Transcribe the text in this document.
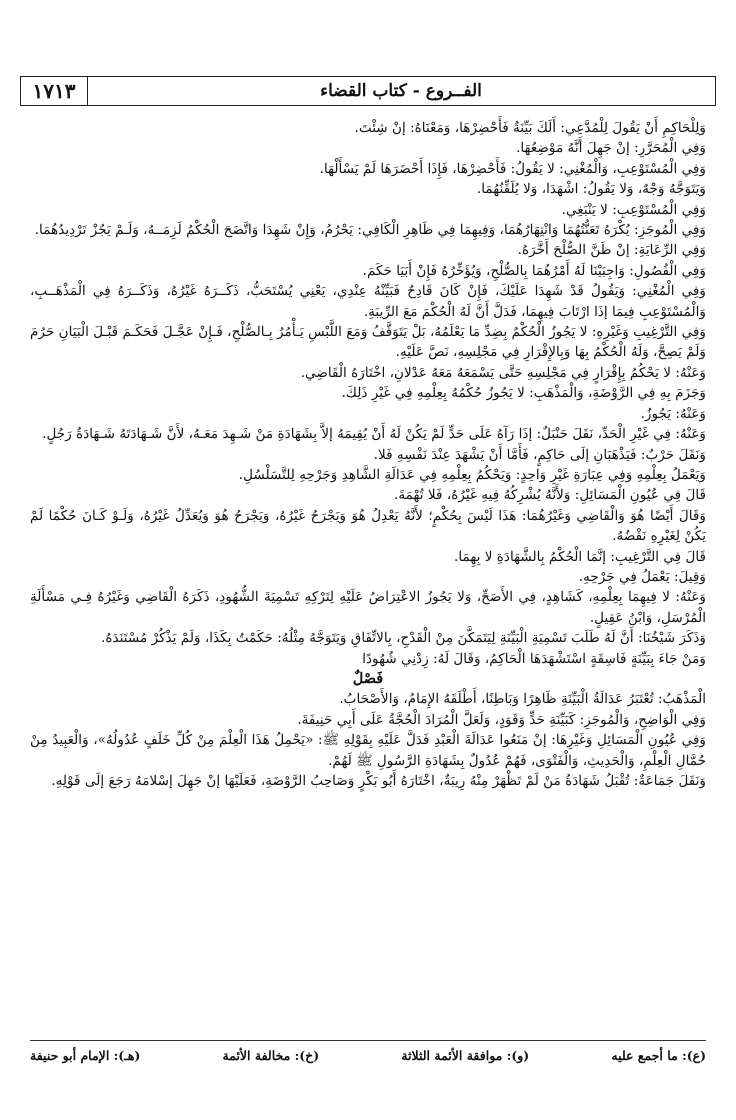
١٧١٣	الفــروع - كتاب القضاء

وَلِلْحَاكِمِ أَنْ يَقُولَ لِلْمُدَّعِي: أَلَكَ بَيِّنَةٌ فَأَحْضِرْهَا، وَمَعْنَاهُ: إنْ شِئْتَ.

وَفِي الْمُحَرَّرِ: إنْ جَهِلَ أَنَّهُ مَوْضِعُهَا.

وَفِي الْمُسْتَوْعِبِ، وَالْمُغْنِي: لا يَقُولُ: فَأَحْضِرْهَا، فَإِذَا أَحْضَرَهَا لَمْ يَسْأَلْهَا.

وَيَتَوَجَّهُ وَجْهٌ، وَلا يَقُولُ: اشْهَدَا، وَلا يُلَقِّنُهُمَا.

وَفِي الْمُسْتَوْعِبِ: لا يَنْبَغِي.

وَفِي الْمُوجَزِ: يُكْرَهُ تَعَنُّتُهُمَا وَانْتِهَارُهُمَا، وَفِيهِمَا فِي ظَاهِرِ الْكَافِي: يَحْرُمُ، وَإِنْ شَهِدَا وَاتَّضَحَ الْحُكْمُ لَزِمَــهُ، وَلَـمْ يَجُزْ تَرْدِيدُهُمَا.

وَفِي الرِّعَايَةِ: إنْ ظَنَّ الصُّلْحَ أَخَّرَهُ.

وَفِي الْفُصُولِ: وَاجِبَيْنَا لَهُ أَمْرُهُمَا بِالصُّلْحِ، وَيُؤَخِّرُهُ فَإِنْ أَبَيَا حَكَمَ.

وَفِي الْمُغْنِي: وَيَقُولُ قَدْ شَهِدَا عَلَيْكَ، فَإِنْ كَانَ قَادِحٌ فَبَيِّنْهُ عِنْدِي، يَعْنِي يُسْتَحَبُّ، ذَكَــرَهُ غَيْرُهُ، وَذَكَــرَهُ فِي الْمَذْهَــبِ، وَالْمُسْتَوْعِبِ فِيمَا إذَا ارْتَابَ فِيهِمَا، فَدَلَّ أَنَّ لَهُ الْحُكْمَ مَعَ الرِّيبَةِ.

وَفِي التَّرْغِيبِ وَغَيْرِهِ: لا يَجُوزُ الْحُكْمُ بِضِدِّ مَا يَعْلَمُهُ، بَلْ يَتَوَقَّفُ وَمَعَ اللَّبْسِ يَـأْمُرُ بِـالصُّلْحِ، فَـإِنْ عَجَّـلَ فَحَكَـمَ قَبْـلَ الْبَيَانِ حَرُمَ وَلَمْ يَصِحَّ، وَلَهُ الْحُكْمُ بِهَا وَبِالإِقْرَارِ فِي مَجْلِسِهِ، نَصَّ عَلَيْهِ.

وَعَنْهُ: لا يَحْكُمُ بِإِقْرَارٍ فِي مَجْلِسِهِ حَتَّى يَسْمَعَهُ مَعَهُ عَدْلانِ، اخْتَارَهُ الْقَاضِي.

وَجَزَمَ بِهِ فِي الرَّوْضَةِ، وَالْمَذْهَبِ: لا يَجُوزُ حُكْمُهُ بِعِلْمِهِ فِي غَيْرِ ذَلِكَ.

وَعَنْهُ: يَجُوزُ.

وَعَنْهُ: فِي غَيْرِ الْحَدِّ، نَقَلَ حَنْبَلٌ: إذَا رَآهُ عَلَى حَدٍّ لَمْ يَكُنْ لَهُ أَنْ يُقِيمَهُ إلاَّ بِشَهَادَةِ مَنْ شَـهِدَ مَعَـهُ، لأَنَّ شَـهَادَتَهُ شَـهَادَةُ رَجُلٍ.

وَنَقَلَ حَرْبٌ: فَيَذْهَبَانِ إلَى حَاكِمٍ، فَأَمَّا أَنْ يَشْهَدَ عِنْدَ نَفْسِهِ فَلا.

وَيَعْمَلُ بِعِلْمِهِ وَفِي عِبَارَةِ غَيْرِ وَاحِدٍ: وَيَحْكُمُ بِعِلْمِهِ فِي عَدَالَةِ الشَّاهِدِ وَجَرْحِهِ لِلتَّسَلْسُلِ.

قَالَ فِي عُيُونِ الْمَسَائِلِ: وَلأَنَّهُ يُشْرِكُهُ فِيهِ غَيْرُهُ، فَلا تُهْمَةَ.

وَقَالَ أَيْضًا هُوَ وَالْقَاضِي وَغَيْرُهُمَا: هَذَا لَيْسَ بِحُكْمٍ؛ لأَنَّهُ يَعْدِلُ هُوَ وَيَجْرَحُ غَيْرُهُ، وَيَجْرَحُ هُوَ وَيُعَدِّلُ غَيْرُهُ، وَلَـوْ كَـانَ حُكْمًا لَمْ يَكُنْ لِغَيْرِهِ نَقْضُهُ.

قَالَ فِي التَّرْغِيبِ: إنَّمَا الْحُكْمُ بِالشَّهَادَةِ لا بِهِمَا.

وَقِيلَ: يَعْمَلُ فِي جَرْحِهِ.

وَعَنْهُ: لا فِيهِمَا بِعِلْمِهِ، كَشَاهِدٍ، فِي الأَصَحِّ، وَلا يَجُوزُ الاعْتِرَاضُ عَلَيْهِ لِتَرْكِهِ تَسْمِيَةَ الشُّهُودِ، ذَكَرَهُ الْقَاضِي وَغَيْرُهُ فِـي مَسْأَلَةِ الْمُرْسَلِ، وَابْنُ عَقِيلٍ.

وَذَكَرَ شَيْخُنَا: أَنَّ لَهُ طَلَبَ تَسْمِيَةِ الْبَيِّنَةِ لِيَتَمَكَّنَ مِنْ الْقَدْحِ، بِالاتِّفَاقِ وَيَتَوَجَّهُ مِثْلُهُ: حَكَمْتُ بِكَذَا، وَلَمْ يَذْكُرْ مُسْتَنَدَهُ.

وَمَنْ جَاءَ بِبَيِّنَةٍ فَاسِقَةٍ اسْتَشْهَدَهَا الْحَاكِمُ، وَقَالَ لَهُ: زِدْنِي شُهُودًا

فَصْلٌ

الْمَذْهَبُ: تُعْتَبَرُ عَدَالَةُ الْبَيِّنَةِ ظَاهِرًا وَبَاطِنًا، أَطْلَقَهُ الإِمَامُ، وَالأَصْحَابُ.

وَفِي الْوَاضِحِ، وَالْمُوجَزِ: كَبَيِّنَةِ حَدٍّ وَقَوَدٍ، وَلَعَلَّ الْمُرَادَ الْحُجَّةُ عَلَى أَبِي حَنِيفَةَ.

وَفِي عُيُونِ الْمَسَائِلِ وَغَيْرِهَا: إنْ مَنَعُوا عَدَالَةَ الْعَبْدِ فَدَلَّ عَلَيْهِ بِقَوْلِهِ ﷺ: «يَحْمِلُ هَذَا الْعِلْمَ مِنْ كُلِّ خَلَفٍ عُدُولُهُ»، وَالْعَبِيدُ مِنْ حُمَّالِ الْعِلْمِ، وَالْحَدِيثِ، وَالْفَتْوَى، فَهُمْ عُدُولٌ بِشَهَادَةِ الرَّسُولِ ﷺ لَهُمْ.

وَنَقَلَ جَمَاعَةٌ: تُقْبَلُ شَهَادَةُ مَنْ لَمْ تَظْهَرْ مِنْهُ رِيبَةٌ، اخْتَارَهُ أَبُو بَكْرٍ وَصَاحِبُ الرَّوْضَةِ، فَعَلَيْهَا إنْ جَهِلَ إسْلامَهُ رَجَعَ إلَى قَوْلِهِ.

(ع): ما أجمع عليه
(و): موافقة الأئمة الثلاثة
(خ): مخالفة الأئمة
(هـ): الإمام أبو حنيفة
